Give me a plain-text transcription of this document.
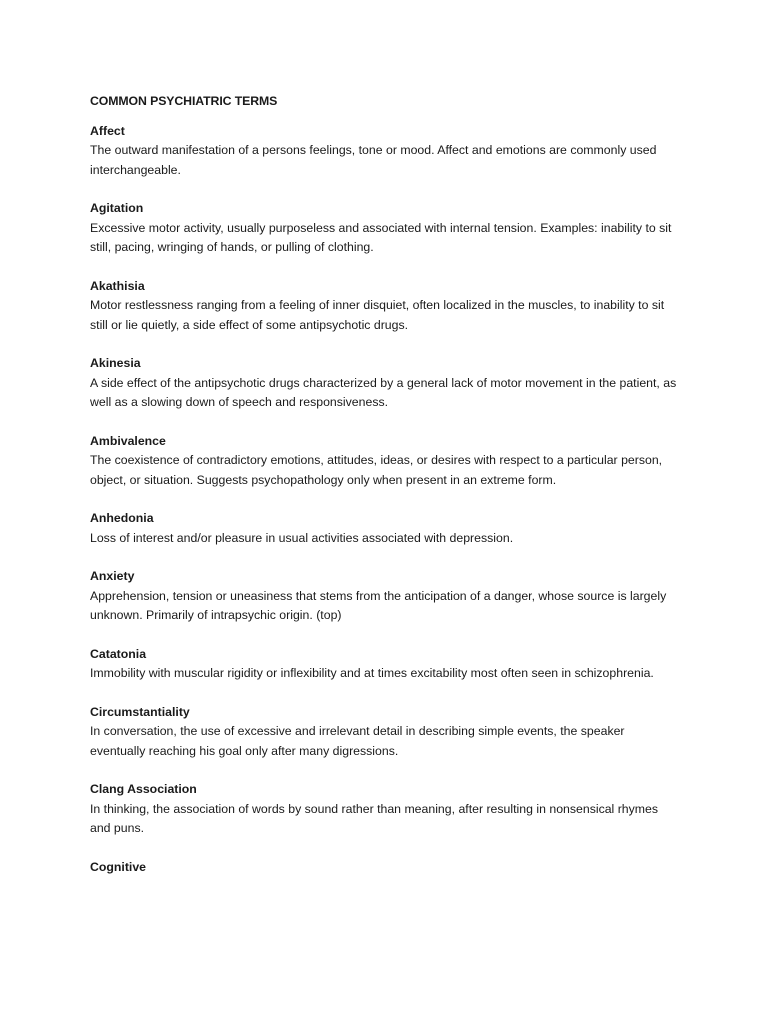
COMMON PSYCHIATRIC TERMS
Affect
The outward manifestation of a persons feelings, tone or mood. Affect and emotions are commonly used interchangeable.
Agitation
Excessive motor activity, usually purposeless and associated with internal tension. Examples: inability to sit still, pacing, wringing of hands, or pulling of clothing.
Akathisia
Motor restlessness ranging from a feeling of inner disquiet, often localized in the muscles, to inability to sit still or lie quietly, a side effect of some antipsychotic drugs.
Akinesia
A side effect of the antipsychotic drugs characterized by a general lack of motor movement in the patient, as well as a slowing down of speech and responsiveness.
Ambivalence
The coexistence of contradictory emotions, attitudes, ideas, or desires with respect to a particular person, object, or situation. Suggests psychopathology only when present in an extreme form.
Anhedonia
Loss of interest and/or pleasure in usual activities associated with depression.
Anxiety
Apprehension, tension or uneasiness that stems from the anticipation of a danger, whose source is largely unknown. Primarily of intrapsychic origin. (top)
Catatonia
Immobility with muscular rigidity or inflexibility and at times excitability most often seen in schizophrenia.
Circumstantiality
In conversation, the use of excessive and irrelevant detail in describing simple events, the speaker eventually reaching his goal only after many digressions.
Clang Association
In thinking, the association of words by sound rather than meaning, after resulting in nonsensical rhymes and puns.
Cognitive
